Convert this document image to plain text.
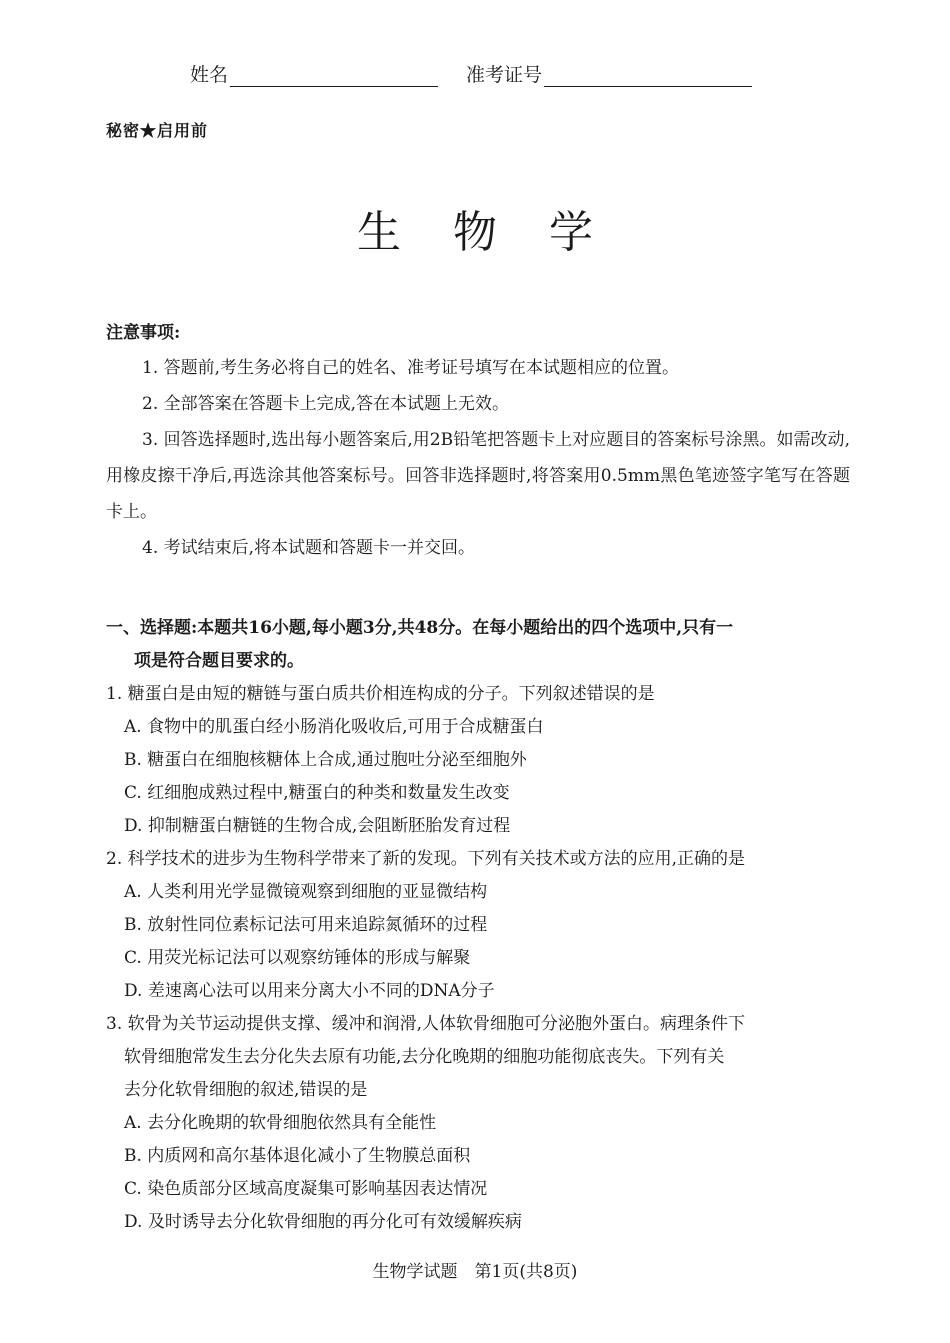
姓名	准考证号
秘密★启用前
生物学
注意事项:
1. 答题前,考生务必将自己的姓名、准考证号填写在本试题相应的位置。
2. 全部答案在答题卡上完成,答在本试题上无效。
3. 回答选择题时,选出每小题答案后,用2B铅笔把答题卡上对应题目的答案标号涂黑。如需改动,用橡皮擦干净后,再选涂其他答案标号。回答非选择题时,将答案用0.5mm黑色笔迹签字笔写在答题卡上。
4. 考试结束后,将本试题和答题卡一并交回。
一、选择题:本题共16小题,每小题3分,共48分。在每小题给出的四个选项中,只有一
项是符合题目要求的。
1. 糖蛋白是由短的糖链与蛋白质共价相连构成的分子。下列叙述错误的是
A. 食物中的肌蛋白经小肠消化吸收后,可用于合成糖蛋白
B. 糖蛋白在细胞核糖体上合成,通过胞吐分泌至细胞外
C. 红细胞成熟过程中,糖蛋白的种类和数量发生改变
D. 抑制糖蛋白糖链的生物合成,会阻断胚胎发育过程
2. 科学技术的进步为生物科学带来了新的发现。下列有关技术或方法的应用,正确的是
A. 人类利用光学显微镜观察到细胞的亚显微结构
B. 放射性同位素标记法可用来追踪氮循环的过程
C. 用荧光标记法可以观察纺锤体的形成与解聚
D. 差速离心法可以用来分离大小不同的DNA分子
3. 软骨为关节运动提供支撑、缓冲和润滑,人体软骨细胞可分泌胞外蛋白。病理条件下
软骨细胞常发生去分化失去原有功能,去分化晚期的细胞功能彻底丧失。下列有关
去分化软骨细胞的叙述,错误的是
A. 去分化晚期的软骨细胞依然具有全能性
B. 内质网和高尔基体退化减小了生物膜总面积
C. 染色质部分区域高度凝集可影响基因表达情况
D. 及时诱导去分化软骨细胞的再分化可有效缓解疾病
生物学试题　第1页(共8页)
